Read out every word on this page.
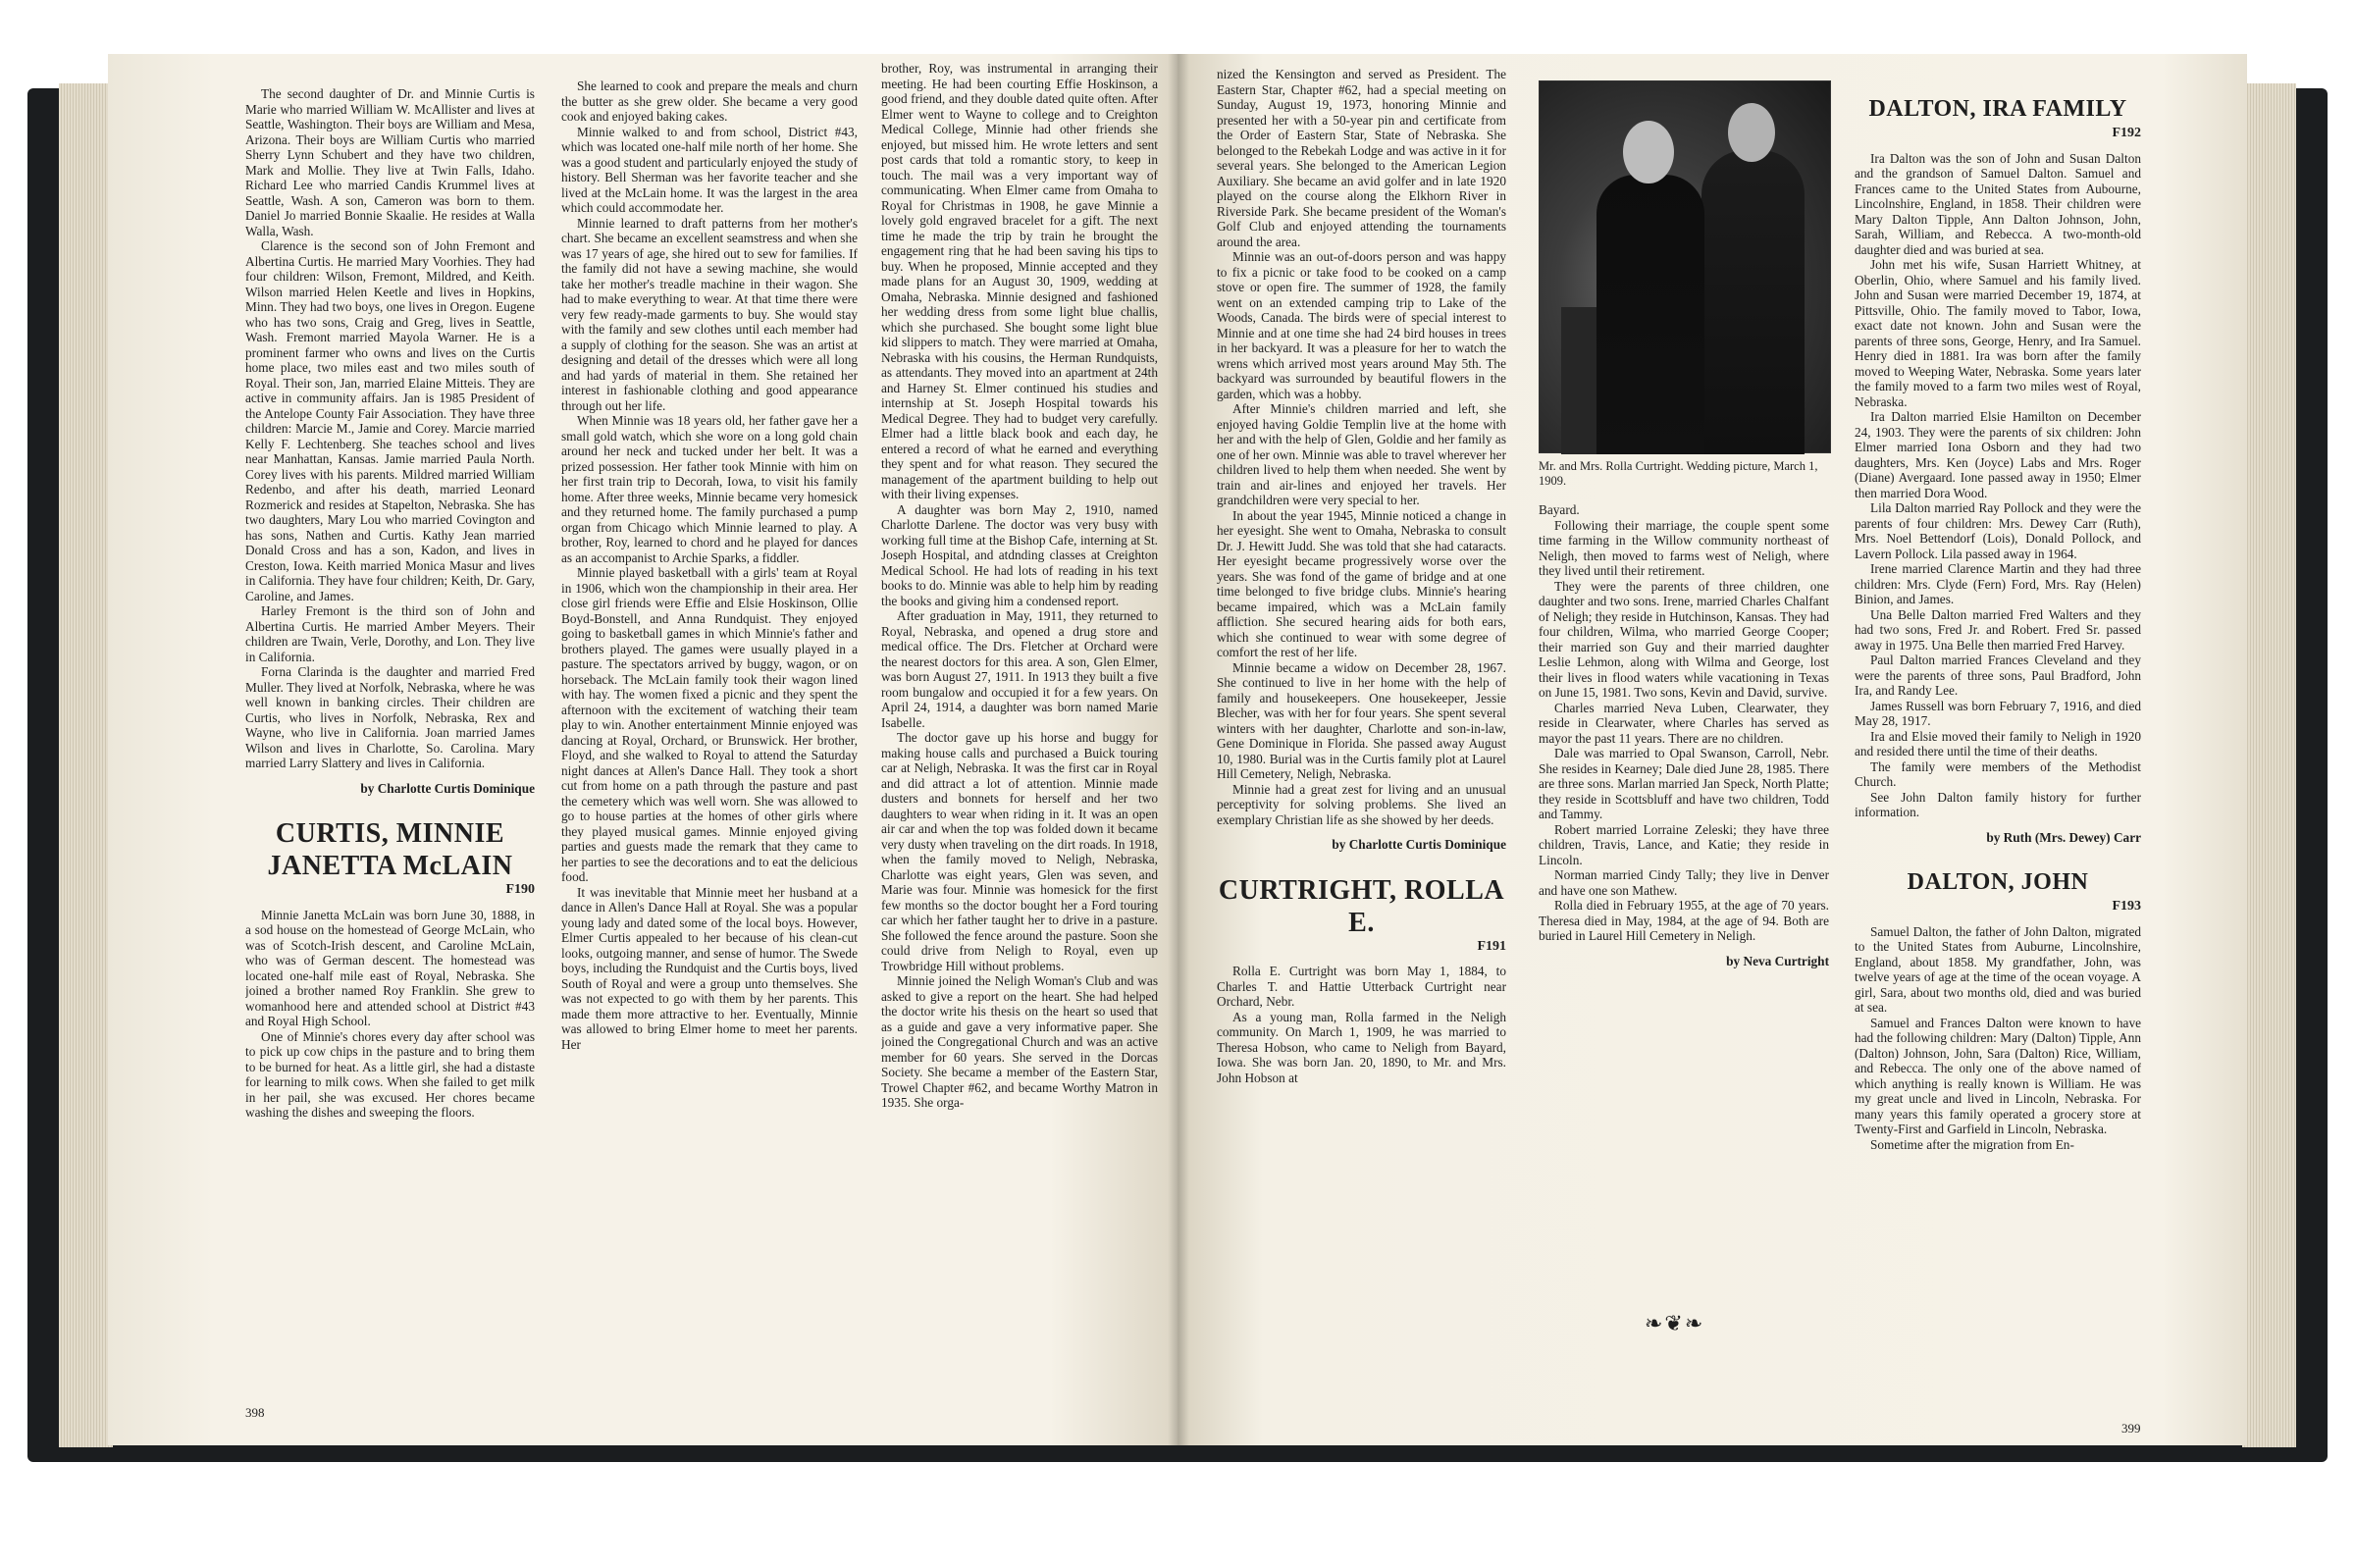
The second daughter of Dr. and Minnie Curtis is Marie who married William W. McAllister and lives at Seattle, Washington. Their boys are William and Mesa, Arizona. Their boys are William Curtis who married Sherry Lynn Schubert and they have two children, Mark and Mollie. They live at Twin Falls, Idaho. Richard Lee who married Candis Krummel lives at Seattle, Wash. A son, Cameron was born to them. Daniel Jo married Bonnie Skaalie. He resides at Walla Walla, Wash.

Clarence is the second son of John Fremont and Albertina Curtis. He married Mary Voorhies. They had four children: Wilson, Fremont, Mildred, and Keith. Wilson married Helen Keetle and lives in Hopkins, Minn. They had two boys, one lives in Oregon. Eugene who has two sons, Craig and Greg, lives in Seattle, Wash. Fremont married Mayola Warner. He is a prominent farmer who owns and lives on the Curtis home place, two miles east and two miles south of Royal. Their son, Jan, married Elaine Mitteis. They are active in community affairs. Jan is 1985 President of the Antelope County Fair Association. They have three children: Marcie M., Jamie and Corey. Marcie married Kelly F. Lechtenberg. She teaches school and lives near Manhattan, Kansas. Jamie married Paula North. Corey lives with his parents. Mildred married William Redenbo, and after his death, married Leonard Rozmerick and resides at Stapelton, Nebraska. She has two daughters, Mary Lou who married Covington and has sons, Nathen and Curtis. Kathy Jean married Donald Cross and has a son, Kadon, and lives in Creston, Iowa. Keith married Monica Masur and lives in California. They have four children; Keith, Dr. Gary, Caroline, and James.

Harley Fremont is the third son of John and Albertina Curtis. He married Amber Meyers. Their children are Twain, Verle, Dorothy, and Lon. They live in California.

Forna Clarinda is the daughter and married Fred Muller. They lived at Norfolk, Nebraska, where he was well known in banking circles. Their children are Curtis, who lives in Norfolk, Nebraska, Rex and Wayne, who live in California. Joan married James Wilson and lives in Charlotte, So. Carolina. Mary married Larry Slattery and lives in California.

by Charlotte Curtis Dominique

CURTIS, MINNIE
JANETTA McLAIN
F190

Minnie Janetta McLain was born June 30, 1888, in a sod house on the homestead of George McLain, who was of Scotch-Irish descent, and Caroline McLain, who was of German descent. The homestead was located one-half mile east of Royal, Nebraska. She joined a brother named Roy Franklin. She grew to womanhood here and attended school at District #43 and Royal High School.

One of Minnie's chores every day after school was to pick up cow chips in the pasture and to bring them to be burned for heat. As a little girl, she had a distaste for learning to milk cows. When she failed to get milk in her pail, she was excused. Her chores became washing the dishes and sweeping the floors.

398

She learned to cook and prepare the meals and churn the butter as she grew older. She became a very good cook and enjoyed baking cakes.

Minnie walked to and from school, District #43, which was located one-half mile north of her home. She was a good student and particularly enjoyed the study of history. Bell Sherman was her favorite teacher and she lived at the McLain home. It was the largest in the area which could accommodate her.

Minnie learned to draft patterns from her mother's chart. She became an excellent seamstress and when she was 17 years of age, she hired out to sew for families. If the family did not have a sewing machine, she would take her mother's treadle machine in their wagon. She had to make everything to wear. At that time there were very few ready-made garments to buy. She would stay with the family and sew clothes until each member had a supply of clothing for the season. She was an artist at designing and detail of the dresses which were all long and had yards of material in them. She retained her interest in fashionable clothing and good appearance through out her life.

When Minnie was 18 years old, her father gave her a small gold watch, which she wore on a long gold chain around her neck and tucked under her belt. It was a prized possession. Her father took Minnie with him on her first train trip to Decorah, Iowa, to visit his family home. After three weeks, Minnie became very homesick and they returned home. The family purchased a pump organ from Chicago which Minnie learned to play. A brother, Roy, learned to chord and he played for dances as an accompanist to Archie Sparks, a fiddler.

Minnie played basketball with a girls' team at Royal in 1906, which won the championship in their area. Her close girl friends were Effie and Elsie Hoskinson, Ollie Boyd-Bonstell, and Anna Rundquist. They enjoyed going to basketball games in which Minnie's father and brothers played. The games were usually played in a pasture. The spectators arrived by buggy, wagon, or on horseback. The McLain family took their wagon lined with hay. The women fixed a picnic and they spent the afternoon with the excitement of watching their team play to win. Another entertainment Minnie enjoyed was dancing at Royal, Orchard, or Brunswick. Her brother, Floyd, and she walked to Royal to attend the Saturday night dances at Allen's Dance Hall. They took a short cut from home on a path through the pasture and past the cemetery which was well worn. She was allowed to go to house parties at the homes of other girls where they played musical games. Minnie enjoyed giving parties and guests made the remark that they came to her parties to see the decorations and to eat the delicious food.

It was inevitable that Minnie meet her husband at a dance in Allen's Dance Hall at Royal. She was a popular young lady and dated some of the local boys. However, Elmer Curtis appealed to her because of his clean-cut looks, outgoing manner, and sense of humor. The Swede boys, including the Rundquist and the Curtis boys, lived South of Royal and were a group unto themselves. She was not expected to go with them by her parents. This made them more attractive to her. Eventually, Minnie was allowed to bring Elmer home to meet her parents. Her

brother, Roy, was instrumental in arranging their meeting. He had been courting Effie Hoskinson, a good friend, and they double dated quite often. After Elmer went to Wayne to college and to Creighton Medical College, Minnie had other friends she enjoyed, but missed him. He wrote letters and sent post cards that told a romantic story, to keep in touch. The mail was a very important way of communicating. When Elmer came from Omaha to Royal for Christmas in 1908, he gave Minnie a lovely gold engraved bracelet for a gift. The next time he made the trip by train he brought the engagement ring that he had been saving his tips to buy. When he proposed, Minnie accepted and they made plans for an August 30, 1909, wedding at Omaha, Nebraska. Minnie designed and fashioned her wedding dress from some light blue challis, which she purchased. She bought some light blue kid slippers to match. They were married at Omaha, Nebraska with his cousins, the Herman Rundquists, as attendants. They moved into an apartment at 24th and Harney St. Elmer continued his studies and internship at St. Joseph Hospital towards his Medical Degree. They had to budget very carefully. Elmer had a little black book and each day, he entered a record of what he earned and everything they spent and for what reason. They secured the management of the apartment building to help out with their living expenses.

A daughter was born May 2, 1910, named Charlotte Darlene. The doctor was very busy with working full time at the Bishop Cafe, interning at St. Joseph Hospital, and atdnding classes at Creighton Medical School. He had lots of reading in his text books to do. Minnie was able to help him by reading the books and giving him a condensed report.

After graduation in May, 1911, they returned to Royal, Nebraska, and opened a drug store and medical office. The Drs. Fletcher at Orchard were the nearest doctors for this area. A son, Glen Elmer, was born August 27, 1911. In 1913 they built a five room bungalow and occupied it for a few years. On April 24, 1914, a daughter was born named Marie Isabelle.

The doctor gave up his horse and buggy for making house calls and purchased a Buick touring car at Neligh, Nebraska. It was the first car in Royal and did attract a lot of attention. Minnie made dusters and bonnets for herself and her two daughters to wear when riding in it. It was an open air car and when the top was folded down it became very dusty when traveling on the dirt roads. In 1918, when the family moved to Neligh, Nebraska, Charlotte was eight years, Glen was seven, and Marie was four. Minnie was homesick for the first few months so the doctor bought her a Ford touring car which her father taught her to drive in a pasture. She followed the fence around the pasture. Soon she could drive from Neligh to Royal, even up Trowbridge Hill without problems.

Minnie joined the Neligh Woman's Club and was asked to give a report on the heart. She had helped the doctor write his thesis on the heart so used that as a guide and gave a very informative paper. She joined the Congregational Church and was an active member for 60 years. She served in the Dorcas Society. She became a member of the Eastern Star, Trowel Chapter #62, and became Worthy Matron in 1935. She orga-

nized the Kensington and served as President. The Eastern Star, Chapter #62, had a special meeting on Sunday, August 19, 1973, honoring Minnie and presented her with a 50-year pin and certificate from the Order of Eastern Star, State of Nebraska. She belonged to the Rebekah Lodge and was active in it for several years. She belonged to the American Legion Auxiliary. She became an avid golfer and in late 1920 played on the course along the Elkhorn River in Riverside Park. She became president of the Woman's Golf Club and enjoyed attending the tournaments around the area.

Minnie was an out-of-doors person and was happy to fix a picnic or take food to be cooked on a camp stove or open fire. The summer of 1928, the family went on an extended camping trip to Lake of the Woods, Canada. The birds were of special interest to Minnie and at one time she had 24 bird houses in trees in her backyard. It was a pleasure for her to watch the wrens which arrived most years around May 5th. The backyard was surrounded by beautiful flowers in the garden, which was a hobby.

After Minnie's children married and left, she enjoyed having Goldie Templin live at the home with her and with the help of Glen, Goldie and her family as one of her own. Minnie was able to travel wherever her children lived to help them when needed. She went by train and air-lines and enjoyed her travels. Her grandchildren were very special to her.

In about the year 1945, Minnie noticed a change in her eyesight. She went to Omaha, Nebraska to consult Dr. J. Hewitt Judd. She was told that she had cataracts. Her eyesight became progressively worse over the years. She was fond of the game of bridge and at one time belonged to five bridge clubs. Minnie's hearing became impaired, which was a McLain family affliction. She secured hearing aids for both ears, which she continued to wear with some degree of comfort the rest of her life.

Minnie became a widow on December 28, 1967. She continued to live in her home with the help of family and housekeepers. One housekeeper, Jessie Blecher, was with her for four years. She spent several winters with her daughter, Charlotte and son-in-law, Gene Dominique in Florida. She passed away August 10, 1980. Burial was in the Curtis family plot at Laurel Hill Cemetery, Neligh, Nebraska.

Minnie had a great zest for living and an unusual perceptivity for solving problems. She lived an exemplary Christian life as she showed by her deeds.

by Charlotte Curtis Dominique

CURTRIGHT, ROLLA
E.
F191

Rolla E. Curtright was born May 1, 1884, to Charles T. and Hattie Utterback Curtright near Orchard, Nebr.

As a young man, Rolla farmed in the Neligh community. On March 1, 1909, he was married to Theresa Hobson, who came to Neligh from Bayard, Iowa. She was born Jan. 20, 1890, to Mr. and Mrs. John Hobson at

Mr. and Mrs. Rolla Curtright. Wedding picture, March 1, 1909.

Bayard.

Following their marriage, the couple spent some time farming in the Willow community northeast of Neligh, then moved to farms west of Neligh, where they lived until their retirement.

They were the parents of three children, one daughter and two sons. Irene, married Charles Chalfant of Neligh; they reside in Hutchinson, Kansas. They had four children, Wilma, who married George Cooper; their married son Guy and their married daughter Leslie Lehmon, along with Wilma and George, lost their lives in flood waters while vacationing in Texas on June 15, 1981. Two sons, Kevin and David, survive.

Charles married Neva Luben, Clearwater, they reside in Clearwater, where Charles has served as mayor the past 11 years. There are no children.

Dale was married to Opal Swanson, Carroll, Nebr. She resides in Kearney; Dale died June 28, 1985. There are three sons. Marlan married Jan Speck, North Platte; they reside in Scottsbluff and have two children, Todd and Tammy.

Robert married Lorraine Zeleski; they have three children, Travis, Lance, and Katie; they reside in Lincoln.

Norman married Cindy Tally; they live in Denver and have one son Mathew.

Rolla died in February 1955, at the age of 70 years. Theresa died in May, 1984, at the age of 94. Both are buried in Laurel Hill Cemetery in Neligh.

by Neva Curtright

❧❦❧
DALTON, IRA FAMILY
F192

Ira Dalton was the son of John and Susan Dalton and the grandson of Samuel Dalton. Samuel and Frances came to the United States from Aubourne, Lincolnshire, England, in 1858. Their children were Mary Dalton Tipple, Ann Dalton Johnson, John, Sarah, William, and Rebecca. A two-month-old daughter died and was buried at sea.

John met his wife, Susan Harriett Whitney, at Oberlin, Ohio, where Samuel and his family lived. John and Susan were married December 19, 1874, at Pittsville, Ohio. The family moved to Tabor, Iowa, exact date not known. John and Susan were the parents of three sons, George, Henry, and Ira Samuel. Henry died in 1881. Ira was born after the family moved to Weeping Water, Nebraska. Some years later the family moved to a farm two miles west of Royal, Nebraska.

Ira Dalton married Elsie Hamilton on December 24, 1903. They were the parents of six children: John Elmer married Iona Osborn and they had two daughters, Mrs. Ken (Joyce) Labs and Mrs. Roger (Diane) Avergaard. Ione passed away in 1950; Elmer then married Dora Wood.

Lila Dalton married Ray Pollock and they were the parents of four children: Mrs. Dewey Carr (Ruth), Mrs. Noel Bettendorf (Lois), Donald Pollock, and Lavern Pollock. Lila passed away in 1964.

Irene married Clarence Martin and they had three children: Mrs. Clyde (Fern) Ford, Mrs. Ray (Helen) Binion, and James.

Una Belle Dalton married Fred Walters and they had two sons, Fred Jr. and Robert. Fred Sr. passed away in 1975. Una Belle then married Fred Harvey.

Paul Dalton married Frances Cleveland and they were the parents of three sons, Paul Bradford, John Ira, and Randy Lee.

James Russell was born February 7, 1916, and died May 28, 1917.

Ira and Elsie moved their family to Neligh in 1920 and resided there until the time of their deaths.

The family were members of the Methodist Church.

See John Dalton family history for further information.

by Ruth (Mrs. Dewey) Carr

DALTON, JOHN
F193

Samuel Dalton, the father of John Dalton, migrated to the United States from Auburne, Lincolnshire, England, about 1858. My grandfather, John, was twelve years of age at the time of the ocean voyage. A girl, Sara, about two months old, died and was buried at sea.

Samuel and Frances Dalton were known to have had the following children: Mary (Dalton) Tipple, Ann (Dalton) Johnson, John, Sara (Dalton) Rice, William, and Rebecca. The only one of the above named of which anything is really known is William. He was my great uncle and lived in Lincoln, Nebraska. For many years this family operated a grocery store at Twenty-First and Garfield in Lincoln, Nebraska.

Sometime after the migration from En-

399
